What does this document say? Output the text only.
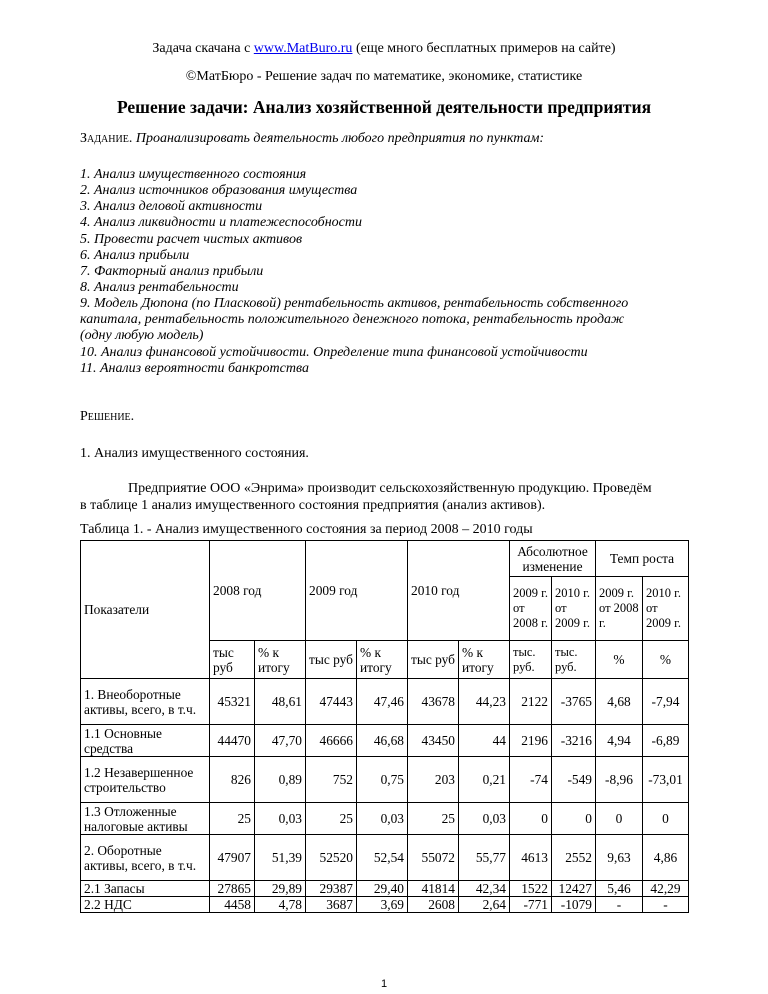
Задача скачана с www.MatBuro.ru (еще много бесплатных примеров на сайте)
©МатБюро - Решение задач по математике, экономике, статистике
Решение задачи: Анализ хозяйственной деятельности предприятия
Задание. Проанализировать деятельность любого предприятия по пунктам:
1. Анализ имущественного состояния
2. Анализ источников образования имущества
3. Анализ деловой активности
4. Анализ ликвидности и платежеспособности
5. Провести расчет чистых активов
6. Анализ прибыли
7. Факторный анализ прибыли
8. Анализ рентабельности
9. Модель Дюпона (по Пласковой) рентабельность активов, рентабельность собственного
капитала, рентабельность положительного денежного потока, рентабельность продаж
(одну любую модель)
10. Анализ финансовой устойчивости. Определение типа финансовой устойчивости
11. Анализ вероятности банкротства
Решение.
1. Анализ имущественного состояния.
Предприятие ООО «Энрима» производит сельскохозяйственную продукцию. Проведём
в таблице 1 анализ имущественного состояния предприятия (анализ активов).
Таблица 1. - Анализ имущественного состояния за период 2008 – 2010 годы
Показатели	2008 год		2009 год		2010 год		Абсолютное изменение		Темп роста	
							2009 г. от 2008 г.	2010 г. от 2009 г.	2009 г. от 2008 г.	2010 г. от 2009 г.
	тыс руб	% к итогу	тыс руб	% к итогу	тыс руб	% к итогу	тыс. руб.	тыс. руб.	%	%
1. Внеоборотные активы, всего, в т.ч.	45321	48,61	47443	47,46	43678	44,23	2122	-3765	4,68	-7,94
1.1 Основные средства	44470	47,70	46666	46,68	43450	44	2196	-3216	4,94	-6,89
1.2 Незавершенное строительство	826	0,89	752	0,75	203	0,21	-74	-549	-8,96	-73,01
1.3 Отложенные налоговые активы	25	0,03	25	0,03	25	0,03	0	0	0	0
2. Оборотные активы, всего, в т.ч.	47907	51,39	52520	52,54	55072	55,77	4613	2552	9,63	4,86
2.1 Запасы	27865	29,89	29387	29,40	41814	42,34	1522	12427	5,46	42,29
2.2 НДС	4458	4,78	3687	3,69	2608	2,64	-771	-1079	-	-
1
